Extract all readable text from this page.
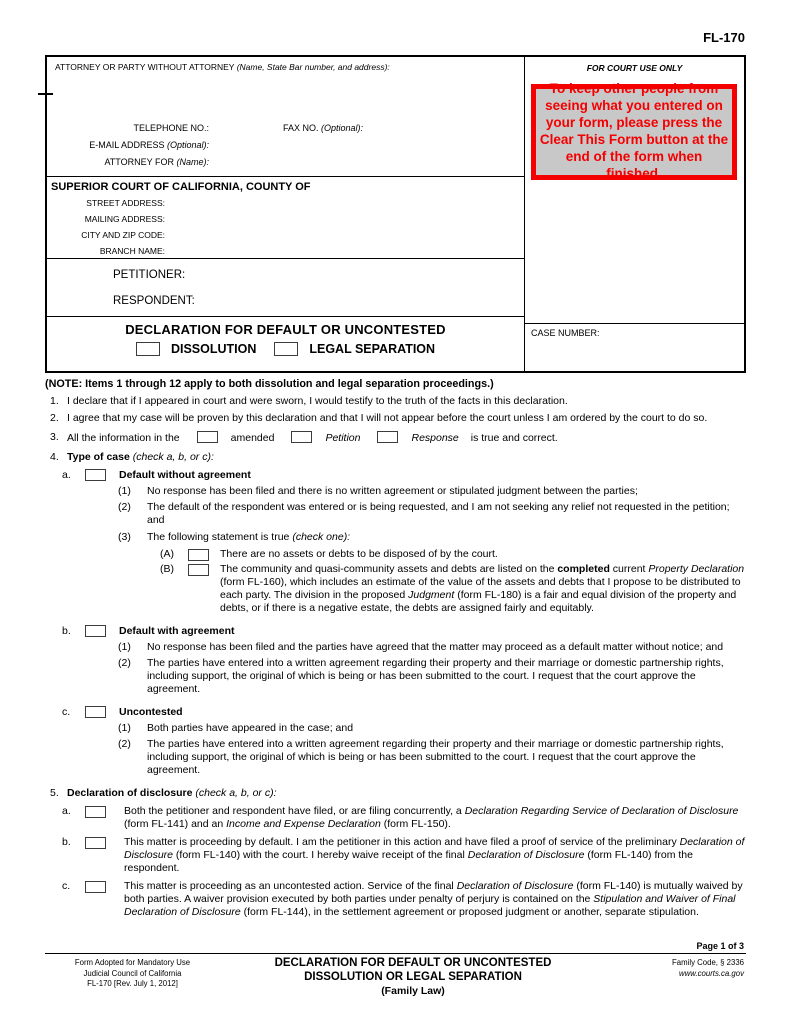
FL-170
ATTORNEY OR PARTY WITHOUT ATTORNEY (Name, State Bar number, and address):
TELEPHONE NO.:	FAX NO. (Optional):
E-MAIL ADDRESS (Optional):
ATTORNEY FOR (Name):
SUPERIOR COURT OF CALIFORNIA, COUNTY OF
STREET ADDRESS:
MAILING ADDRESS:
CITY AND ZIP CODE:
BRANCH NAME:
PETITIONER:
RESPONDENT:
DECLARATION FOR DEFAULT OR UNCONTESTED
DISSOLUTION	LEGAL SEPARATION
FOR COURT USE ONLY
To keep other people from seeing what you entered on your form, please press the Clear This Form button at the end of the form when finished.
CASE NUMBER:
(NOTE: Items 1 through 12 apply to both dissolution and legal separation proceedings.)
1. I declare that if I appeared in court and were sworn, I would testify to the truth of the facts in this declaration.
2. I agree that my case will be proven by this declaration and that I will not appear before the court unless I am ordered by the court to do so.
3. All the information in the	amended	Petition	Response is true and correct.
4. Type of case (check a, b, or c):
a.	Default without agreement
(1)	No response has been filed and there is no written agreement or stipulated judgment between the parties;
(2)	The default of the respondent was entered or is being requested, and I am not seeking any relief not requested in the petition; and
(3)	The following statement is true (check one):
(A)	There are no assets or debts to be disposed of by the court.
(B)	The community and quasi-community assets and debts are listed on the completed current Property Declaration (form FL-160), which includes an estimate of the value of the assets and debts that I propose to be distributed to each party. The division in the proposed Judgment (form FL-180) is a fair and equal division of the property and debts, or if there is a negative estate, the debts are assigned fairly and equitably.
b.	Default with agreement
(1)	No response has been filed and the parties have agreed that the matter may proceed as a default matter without notice; and
(2)	The parties have entered into a written agreement regarding their property and their marriage or domestic partnership rights, including support, the original of which is being or has been submitted to the court. I request that the court approve the agreement.
c.	Uncontested
(1)	Both parties have appeared in the case; and
(2)	The parties have entered into a written agreement regarding their property and their marriage or domestic partnership rights, including support, the original of which is being or has been submitted to the court. I request that the court approve the agreement.
5. Declaration of disclosure (check a, b, or c):
a.	Both the petitioner and respondent have filed, or are filing concurrently, a Declaration Regarding Service of Declaration of Disclosure (form FL-141) and an Income and Expense Declaration (form FL-150).
b.	This matter is proceeding by default. I am the petitioner in this action and have filed a proof of service of the preliminary Declaration of Disclosure (form FL-140) with the court. I hereby waive receipt of the final Declaration of Disclosure (form FL-140) from the respondent.
c.	This matter is proceeding as an uncontested action. Service of the final Declaration of Disclosure (form FL-140) is mutually waived by both parties. A waiver provision executed by both parties under penalty of perjury is contained on the Stipulation and Waiver of Final Declaration of Disclosure (form FL-144), in the settlement agreement or proposed judgment or another, separate stipulation.
Page 1 of 3
Form Adopted for Mandatory Use
Judicial Council of California
FL-170 [Rev. July 1, 2012]
DECLARATION FOR DEFAULT OR UNCONTESTED
DISSOLUTION OR LEGAL SEPARATION
(Family Law)
Family Code, § 2336
www.courts.ca.gov
